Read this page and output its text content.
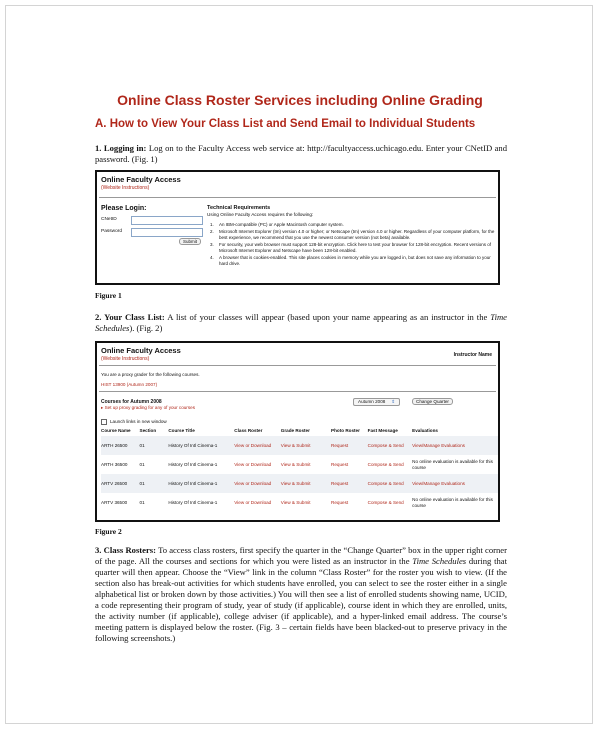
Online Class Roster Services including Online Grading
A. How to View Your Class List and Send Email to Individual Students
1. Logging in: Log on to the Faculty Access web service at: http://facultyaccess.uchicago.edu. Enter your CNetID and password. (Fig. 1)
Online Faculty Access
(Website Instructions)
Please Login:
CNetID
Password
Submit
Technical Requirements
Using Online Faculty Access requires the following:
1. An IBM-compatible (PC) or Apple Macintosh computer system.
2. Microsoft Internet Explorer (tm) version 4.0 or higher; or Netscape (tm) version 4.0 or higher. Regardless of your computer platform, for the best experience, we recommend that you use the newest consumer version (not beta) available.
3. For security, your web browser must support 128-bit encryption. Click here to test your browser for 128-bit encryption. Recent versions of Microsoft Internet Explorer and Netscape have been 128-bit enabled.
4. A browser that is cookies-enabled. This site places cookies in memory while you are logged in, but does not save any information to your hard drive.
Figure 1
2. Your Class List: A list of your classes will appear (based upon your name appearing as an instructor in the Time Schedules). (Fig. 2)
Online Faculty Access	Instructor Name
(Website Instructions)
You are a proxy grader for the following courses.
HIST 13900 (Autumn 2007)
Courses for Autumn 2008
▸ Set up proxy grading for any of your courses
Autumn 2008 ⇕	Change Quarter
Launch links in new window
Course Name	Section	Course Title	Class Roster	Grade Roster	Photo Roster	Fast Message	Evaluations
ARTH 26500	01	History Of Intl Cinema-1	View or Download	View & Submit	Request	Compose & Send	View/Manage Evaluations
ARTH 36500	01	History Of Intl Cinema-1	View or Download	View & Submit	Request	Compose & Send	No online evaluation is available for this course
ARTV 26500	01	History Of Intl Cinema-1	View or Download	View & Submit	Request	Compose & Send	View/Manage Evaluations
ARTV 36500	01	History Of Intl Cinema-1	View or Download	View & Submit	Request	Compose & Send	No online evaluation is available for this course
Figure 2
3. Class Rosters: To access class rosters, first specify the quarter in the “Change Quarter” box in the upper right corner of the page. All the courses and sections for which you were listed as an instructor in the Time Schedules during that quarter will then appear. Choose the “View” link in the column “Class Roster” for the roster you wish to view. (If the section also has break-out activities for which students have enrolled, you can select to see the roster either in a single alphabetical list or broken down by those activities.) You will then see a list of enrolled students showing name, UCID, a code representing their program of study, year of study (if applicable), course ident in which they are enrolled, units, the activity number (if applicable), college adviser (if applicable), and a hyper-linked email address. The course’s meeting pattern is displayed below the roster. (Fig. 3 – certain fields have been blacked-out to preserve privacy in the following screenshots.)
